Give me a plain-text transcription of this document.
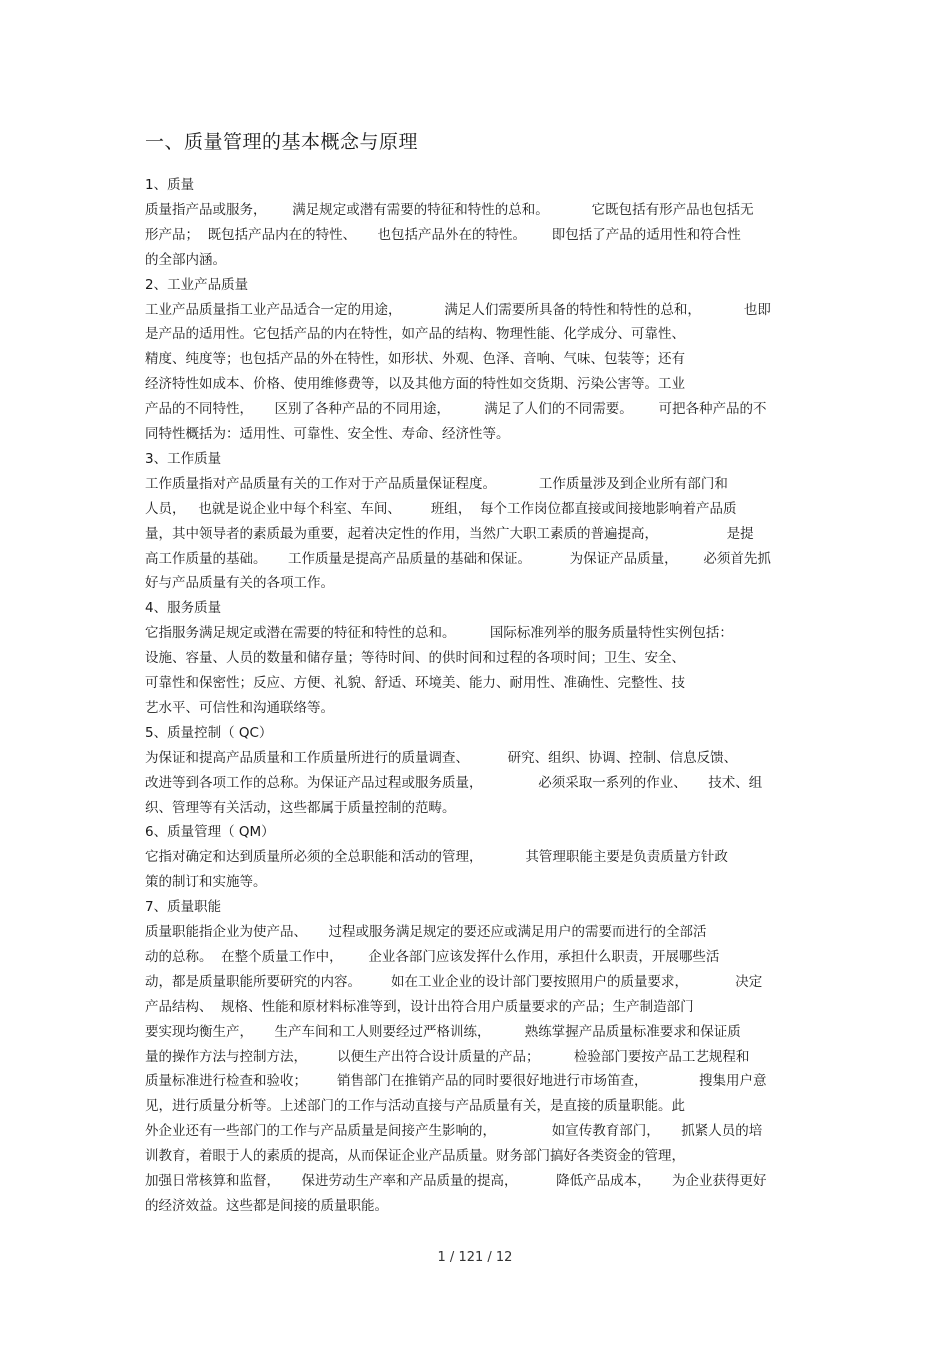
一、质量管理的基本概念与原理
1、质量
质量指产品或服务，      满足规定或潜有需要的特征和特性的总和。          它既包括有形产品也包括无
形产品；  既包括产品内在的特性、     也包括产品外在的特性。      即包括了产品的适用性和符合性
的全部内涵。
2、工业产品质量
工业产品质量指工业产品适合一定的用途，          满足人们需要所具备的特性和特性的总和，          也即
是产品的适用性。它包括产品的内在特性，如产品的结构、物理性能、化学成分、可靠性、
精度、纯度等；也包括产品的外在特性，如形状、外观、色泽、音响、气味、包装等；还有
经济特性如成本、价格、使用维修费等，以及其他方面的特性如交货期、污染公害等。工业
产品的不同特性，     区别了各种产品的不同用途，        满足了人们的不同需要。      可把各种产品的不
同特性概括为：适用性、可靠性、安全性、寿命、经济性等。
3、工作质量
工作质量指对产品质量有关的工作对于产品质量保证程度。          工作质量涉及到企业所有部门和
人员，   也就是说企业中每个科室、车间、       班组，  每个工作岗位都直接或间接地影响着产品质
量，其中领导者的素质最为重要，起着决定性的作用，当然广大职工素质的普遍提高，                是提
高工作质量的基础。     工作质量是提高产品质量的基础和保证。         为保证产品质量，      必须首先抓
好与产品质量有关的各项工作。
4、服务质量
它指服务满足规定或潜在需要的特征和特性的总和。        国际标准列举的服务质量特性实例包括：
设施、容量、人员的数量和储存量；等待时间、的供时间和过程的各项时间；卫生、安全、
可靠性和保密性；反应、方便、礼貌、舒适、环境美、能力、耐用性、准确性、完整性、技
艺水平、可信性和沟通联络等。
5、质量控制（ QC）
为保证和提高产品质量和工作质量所进行的质量调查、         研究、组织、协调、控制、信息反馈、
改进等到各项工作的总称。为保证产品过程或服务质量，             必须采取一系列的作业、     技术、组
织、管理等有关活动，这些都属于质量控制的范畴。
6、质量管理（ QM）
它指对确定和达到质量所必须的全总职能和活动的管理，          其管理职能主要是负责质量方针政
策的制订和实施等。
7、质量职能
质量职能指企业为使产品、     过程或服务满足规定的要还应或满足用户的需要而进行的全部活
动的总称。  在整个质量工作中，      企业各部门应该发挥什么作用，承担什么职责，开展哪些活
动，都是质量职能所要研究的内容。       如在工业企业的设计部门要按照用户的质量要求，           决定
产品结构、  规格、性能和原材料标准等到，设计出符合用户质量要求的产品；生产制造部门
要实现均衡生产，     生产车间和工人则要经过严格训练，        熟练掌握产品质量标准要求和保证质
量的操作方法与控制方法，       以便生产出符合设计质量的产品；        检验部门要按产品工艺规程和
质量标准进行检查和验收；       销售部门在推销产品的同时要很好地进行市场笛查，            搜集用户意
见，进行质量分析等。上述部门的工作与活动直接与产品质量有关，是直接的质量职能。此
外企业还有一些部门的工作与产品质量是间接产生影响的，             如宣传教育部门，     抓紧人员的培
训教育，着眼于人的素质的提高，从而保证企业产品质量。财务部门搞好各类资金的管理，
加强日常核算和监督，     保进劳动生产率和产品质量的提高，         降低产品成本，     为企业获得更好
的经济效益。这些都是间接的质量职能。
1 / 121 / 12
